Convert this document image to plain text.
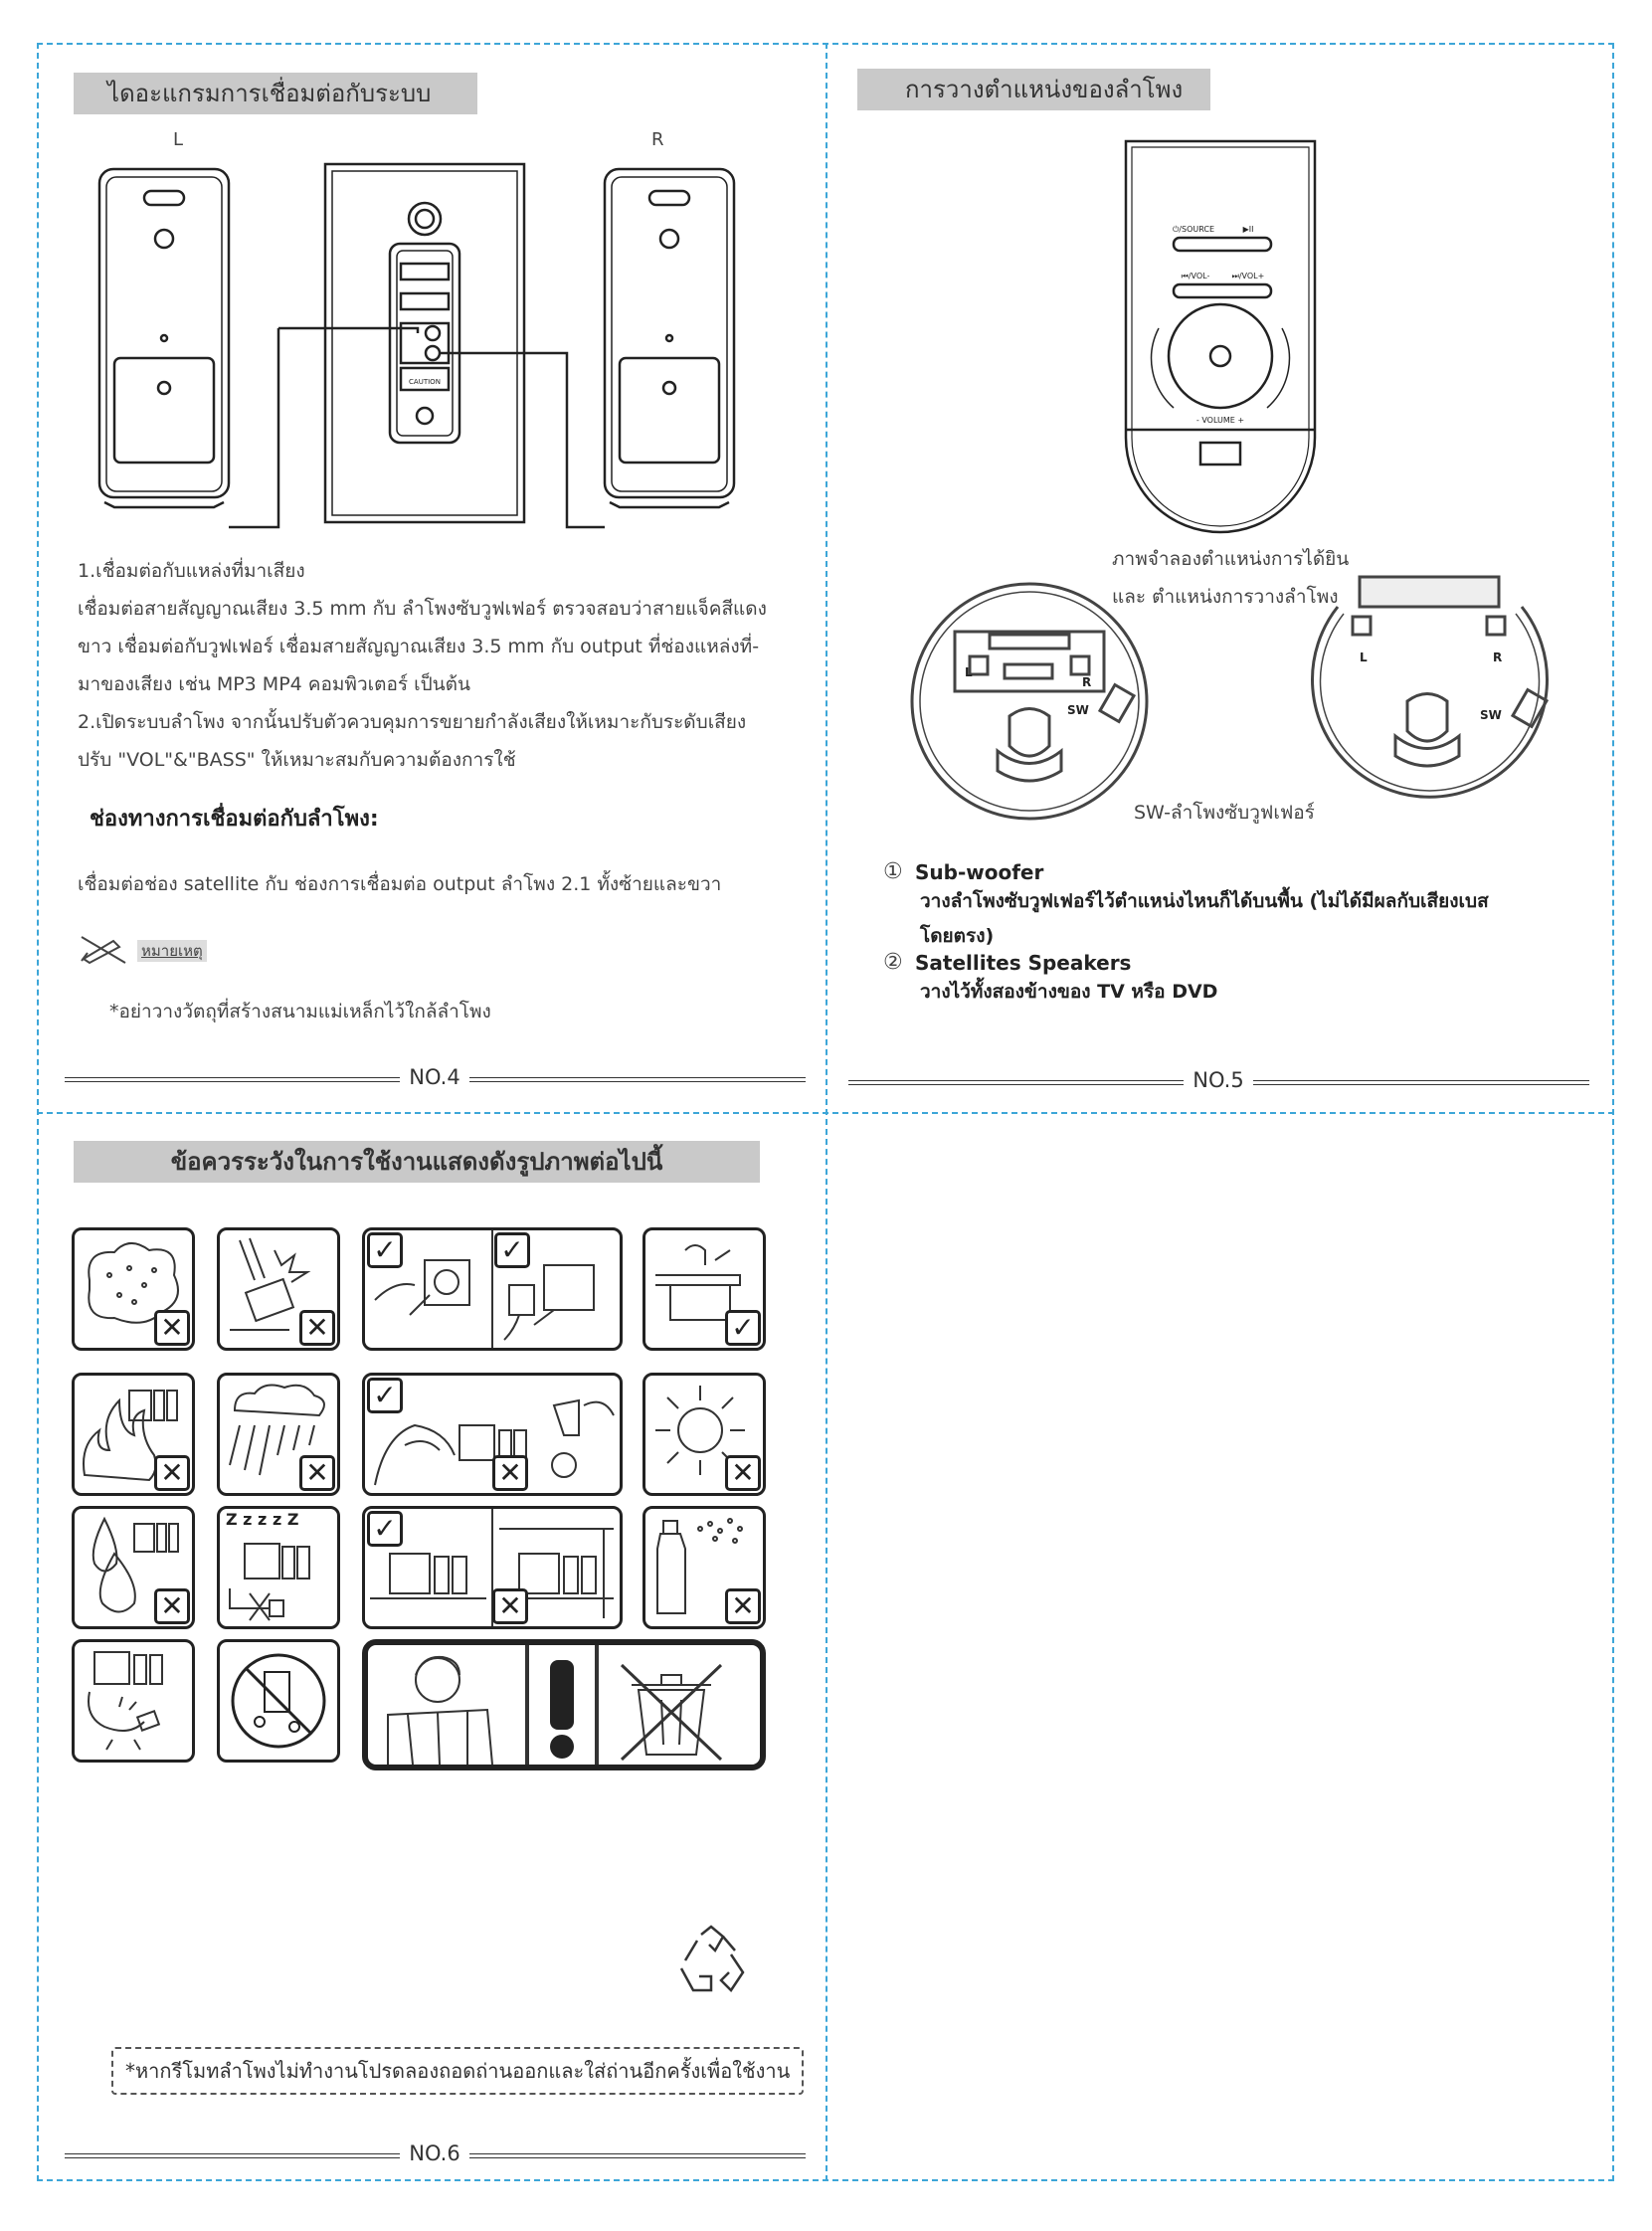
ไดอะแกรมการเชื่อมต่อกับระบบ
L	R
CAUTION
1.เชื่อมต่อกับแหล่งที่มาเสียง
เชื่อมต่อสายสัญญาณเสียง 3.5 mm กับ ลำโพงซับวูฟเฟอร์ ตรวจสอบว่าสายแจ็คสีแดง
ขาว เชื่อมต่อกับวูฟเฟอร์ เชื่อมสายสัญญาณเสียง 3.5 mm กับ output ที่ช่องแหล่งที่-
มาของเสียง เช่น MP3 MP4 คอมพิวเตอร์ เป็นต้น
2.เปิดระบบลำโพง จากนั้นปรับตัวควบคุมการขยายกำลังเสียงให้เหมาะกับระดับเสียง
ปรับ "VOL"&"BASS" ให้เหมาะสมกับความต้องการใช้
ช่องทางการเชื่อมต่อกับลำโพง:
เชื่อมต่อช่อง satellite กับ ช่องการเชื่อมต่อ output ลำโพง 2.1 ทั้งซ้ายและขวา
หมายเหตุ
*อย่าวางวัตถุที่สร้างสนามแม่เหล็กไว้ใกล้ลำโพง
NO.4
การวางตำแหน่งของลำโพง
⏻/SOURCE	▶II
⏮/VOL-	⏭/VOL+
- VOLUME +
ภาพจำลองตำแหน่งการได้ยิน
และ ตำแหน่งการวางลำโพง
L
R
SW
L	R
SW
SW-ลำโพงซับวูฟเฟอร์
① Sub-woofer
วางลำโพงซับวูฟเฟอร์ไว้ตำแหน่งไหนก็ได้บนพื้น (ไม่ได้มีผลกับเสียงเบส
โดยตรง)
② Satellites Speakers
วางไว้ทั้งสองข้างของ TV หรือ DVD
NO.5
ข้อควรระวังในการใช้งานแสดงดังรูปภาพต่อไปนี้
✕	✕
✓	✓
✓
✕	✕
✓
✕	✕
✕
Z z z z Z	✓
✕	✕
*หากรีโมทลำโพงไม่ทำงานโปรดลองถอดถ่านออกและใส่ถ่านอีกครั้งเพื่อใช้งาน
NO.6
